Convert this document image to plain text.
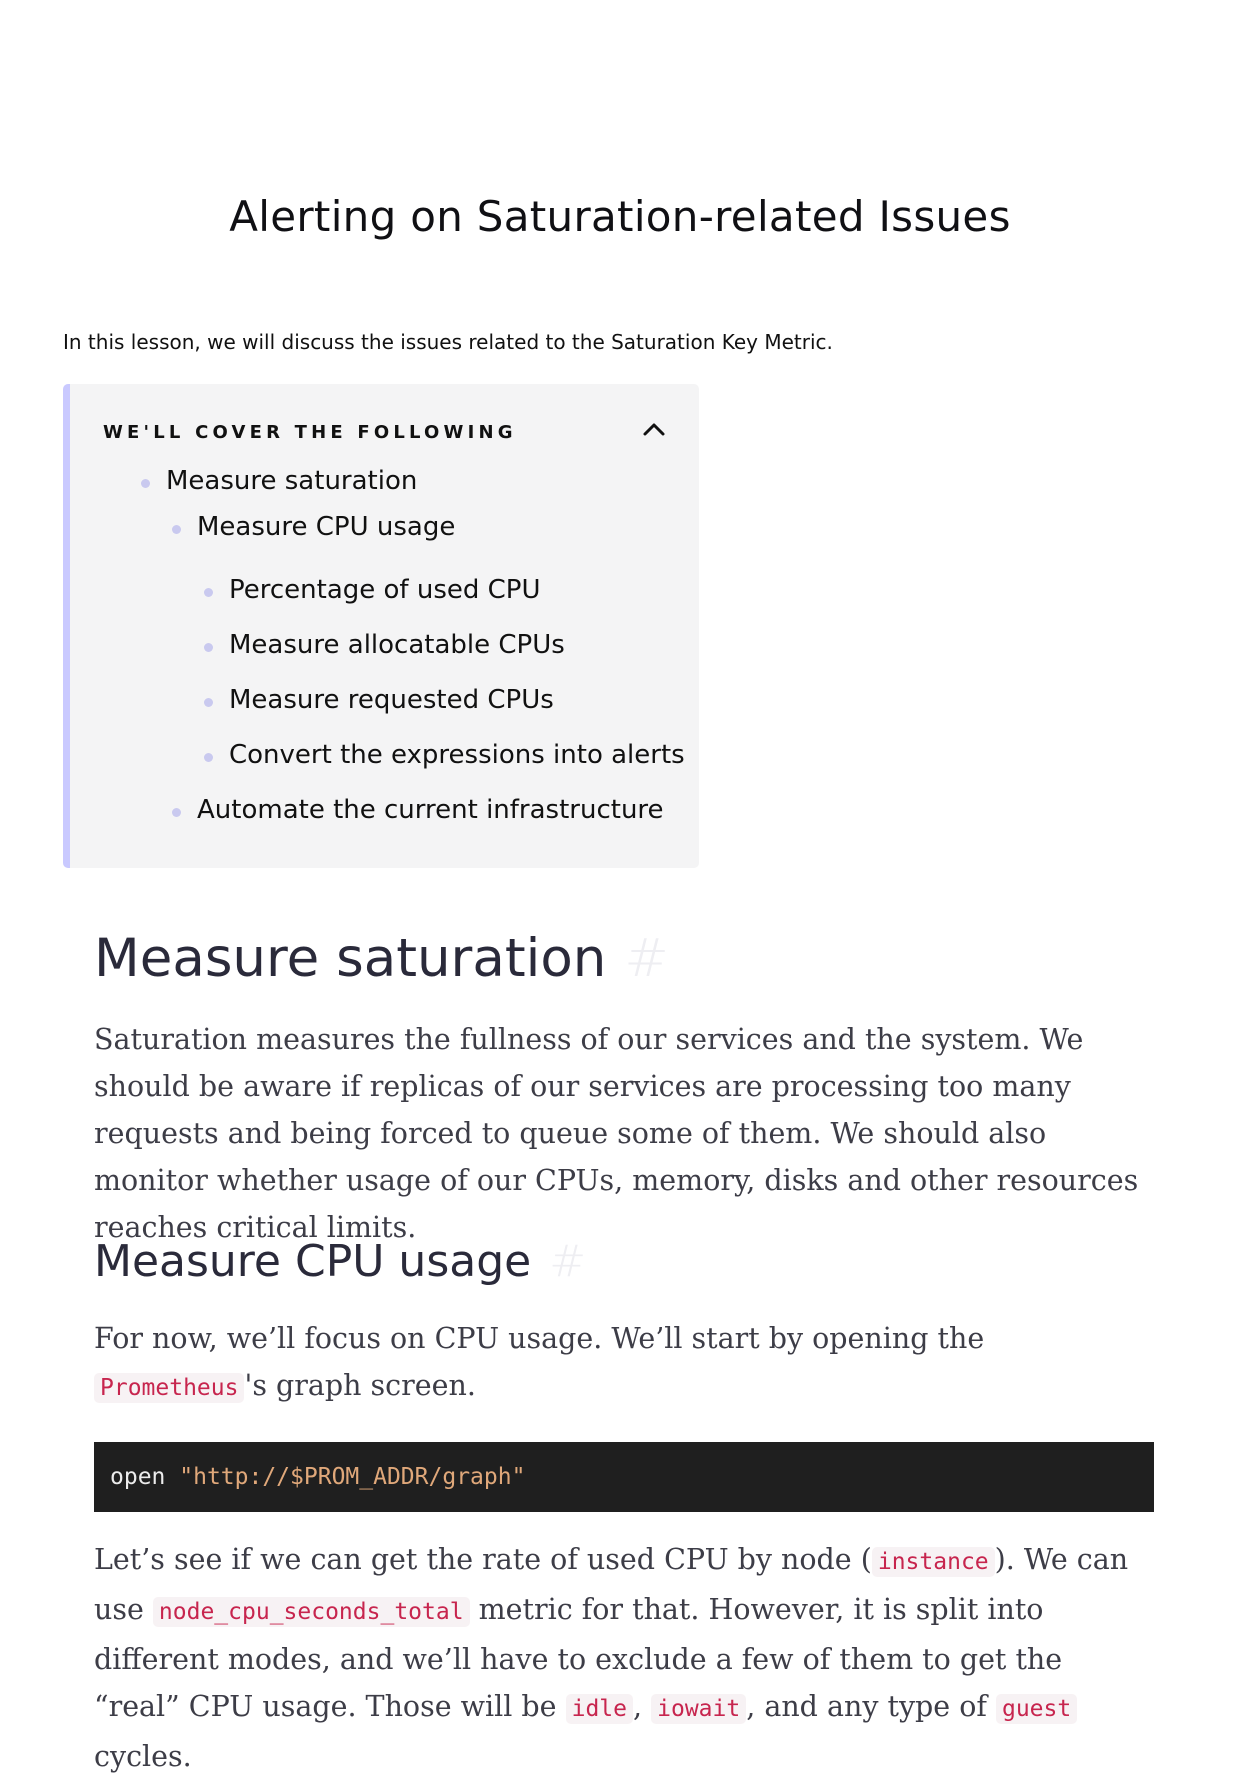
Alerting on Saturation-related Issues

In this lesson, we will discuss the issues related to the Saturation Key Metric.

WE'LL COVER THE FOLLOWING
Measure saturation
Measure CPU usage
Percentage of used CPU
Measure allocatable CPUs
Measure requested CPUs
Convert the expressions into alerts
Automate the current infrastructure
Measure saturation #

Saturation measures the fullness of our services and the system. We should be aware if replicas of our services are processing too many requests and being forced to queue some of them. We should also monitor whether usage of our CPUs, memory, disks and other resources reaches critical limits.

Measure CPU usage #

For now, we’ll focus on CPU usage. We’ll start by opening the Prometheus 's graph screen.

open "http://$PROM_ADDR/graph"

Let’s see if we can get the rate of used CPU by node ( instance ). We can use node_cpu_seconds_total metric for that. However, it is split into different modes, and we’ll have to exclude a few of them to get the “real” CPU usage. Those will be idle , iowait , and any type of guest cycles.
